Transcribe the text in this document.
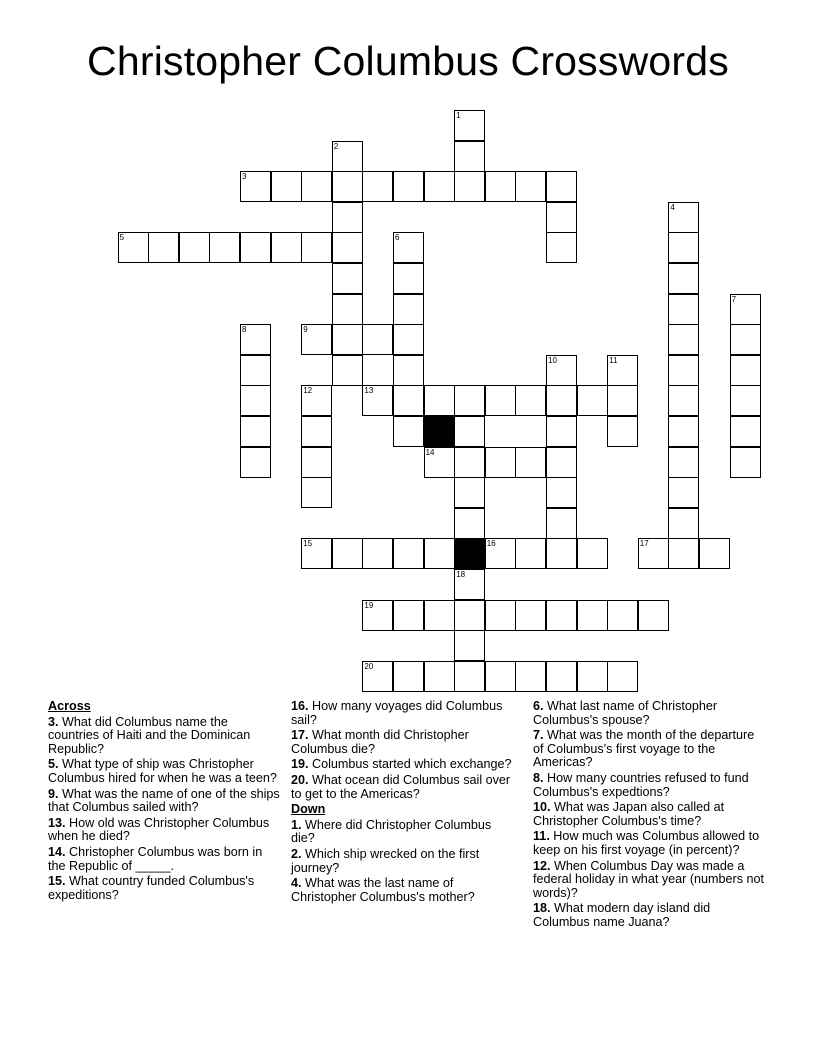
Christopher Columbus Crosswords
1
2
3
4
5	6
7
8	9
10	11
12	13
14
15	16	17
18
19
20
Across
3. What did Columbus name the countries of Haiti and the Dominican Republic?
5. What type of ship was Christopher Columbus hired for when he was a teen?
9. What was the name of one of the ships that Columbus sailed with?
13. How old was Christopher Columbus when he died?
14. Christopher Columbus was born in the Republic of _____.
15. What country funded Columbus's expeditions?
16. How many voyages did Columbus sail?
17. What month did Christopher Columbus die?
19. Columbus started which exchange?
20. What ocean did Columbus sail over to get to the Americas?
Down
1. Where did Christopher Columbus die?
2. Which ship wrecked on the first journey?
4. What was the last name of Christopher Columbus's mother?
6. What last name of Christopher Columbus's spouse?
7. What was the month of the departure of Columbus's first voyage to the Americas?
8. How many countries refused to fund Columbus's expedtions?
10. What was Japan also called at Christopher Columbus's time?
11. How much was Columbus allowed to keep on his first voyage (in percent)?
12. When Columbus Day was made a federal holiday in what year (numbers not words)?
18. What modern day island did Columbus name Juana?
